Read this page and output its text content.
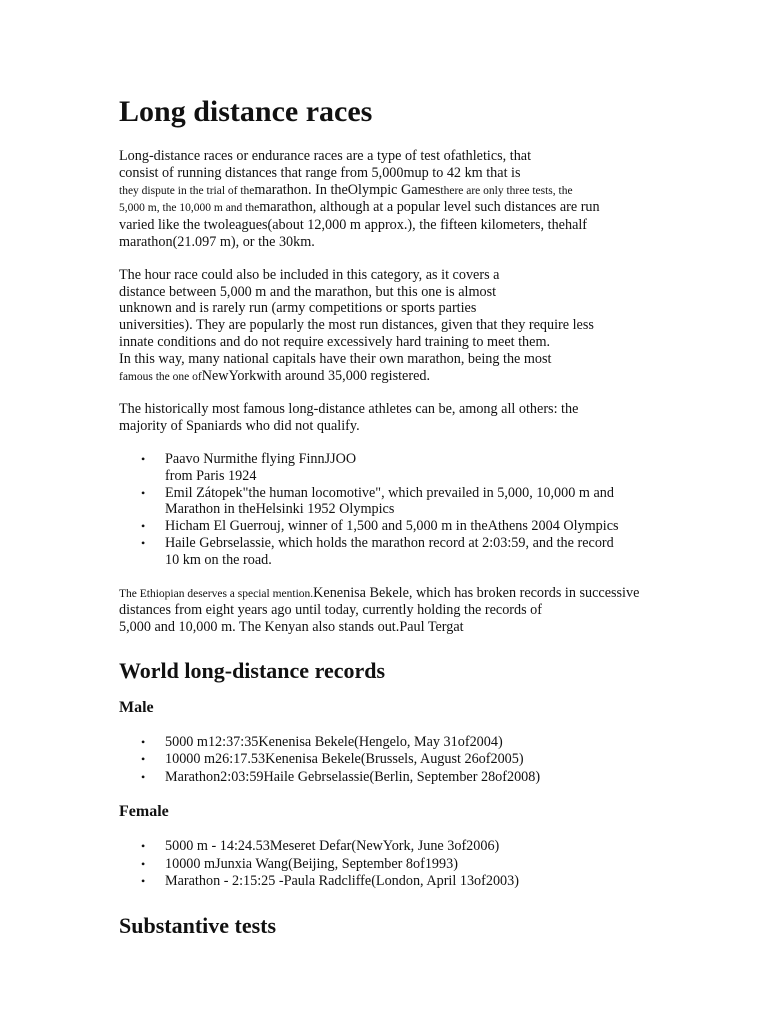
Long distance races

Long-distance races or endurance races are a type of test ofathletics, that
consist of running distances that range from 5,000mup to 42 km that is
they dispute in the trial of themarathon. In theOlympic Gamesthere are only three tests, the
5,000 m, the 10,000 m and themarathon, although at a popular level such distances are run
varied like the twoleagues(about 12,000 m approx.), the fifteen kilometers, thehalf
marathon(21.097 m), or the 30km.

The hour race could also be included in this category, as it covers a
distance between 5,000 m and the marathon, but this one is almost
unknown and is rarely run (army competitions or sports parties
universities). They are popularly the most run distances, given that they require less
innate conditions and do not require excessively hard training to meet them.
In this way, many national capitals have their own marathon, being the most
famous the one ofNewYorkwith around 35,000 registered.

The historically most famous long-distance athletes can be, among all others: the
majority of Spaniards who did not qualify.

• Paavo Nurmithe flying FinnJJOO
from Paris 1924
• Emil Zátopek"the human locomotive", which prevailed in 5,000, 10,000 m and
Marathon in theHelsinki 1952 Olympics
• Hicham El Guerrouj, winner of 1,500 and 5,000 m in theAthens 2004 Olympics
• Haile Gebrselassie, which holds the marathon record at 2:03:59, and the record
10 km on the road.

The Ethiopian deserves a special mention.Kenenisa Bekele, which has broken records in successive
distances from eight years ago until today, currently holding the records of
5,000 and 10,000 m. The Kenyan also stands out.Paul Tergat

World long-distance records
Male
• 5000 m12:37:35Kenenisa Bekele(Hengelo, May 31of2004)
• 10000 m26:17.53Kenenisa Bekele(Brussels, August 26of2005)
• Marathon2:03:59Haile Gebrselassie(Berlin, September 28of2008)
Female
• 5000 m - 14:24.53Meseret Defar(NewYork, June 3of2006)
• 10000 mJunxia Wang(Beijing, September 8of1993)
• Marathon - 2:15:25 -Paula Radcliffe(London, April 13of2003)
Substantive tests
